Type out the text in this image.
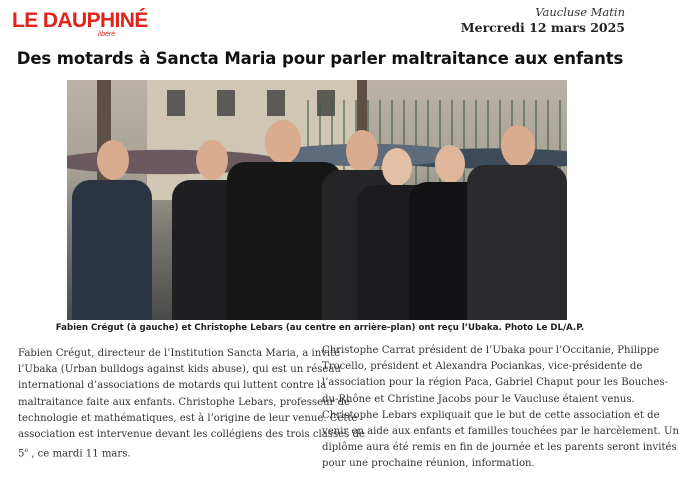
LE DAUPHINÉ
libéré
Vaucluse Matin
Mercredi 12 mars 2025
Des motards à Sancta Maria pour parler maltraitance aux enfants
Fabien Crégut (à gauche) et Christophe Lebars (au centre en arrière-plan) ont reçu l’Ubaka. Photo Le DL/A.P.
Fabien Crégut, directeur de l’Institution Sancta Maria, a invité
l’Ubaka (Urban bulldogs against kids abuse), qui est un réseau
international d’associations de motards qui luttent contre la
maltraitance faite aux enfants. Christophe Lebars, professeur de
technologie et mathématiques, est à l’origine de leur venue. Cette
association est intervenue devant les collégiens des trois classes de
5e , ce mardi 11 mars.
Christophe Carrat président de l’Ubaka pour l’Occitanie, Philippe
Trocello, président et Alexandra Pociankas, vice-présidente de
l’association pour la région Paca, Gabriel Chaput pour les Bouches-
du-Rhône et Christine Jacobs pour le Vaucluse étaient venus.
Christophe Lebars expliquait que le but de cette association et de
venir en aide aux enfants et familles touchées par le harcèlement. Un
diplôme aura été remis en fin de journée et les parents seront invités
pour une prochaine réunion, information.
